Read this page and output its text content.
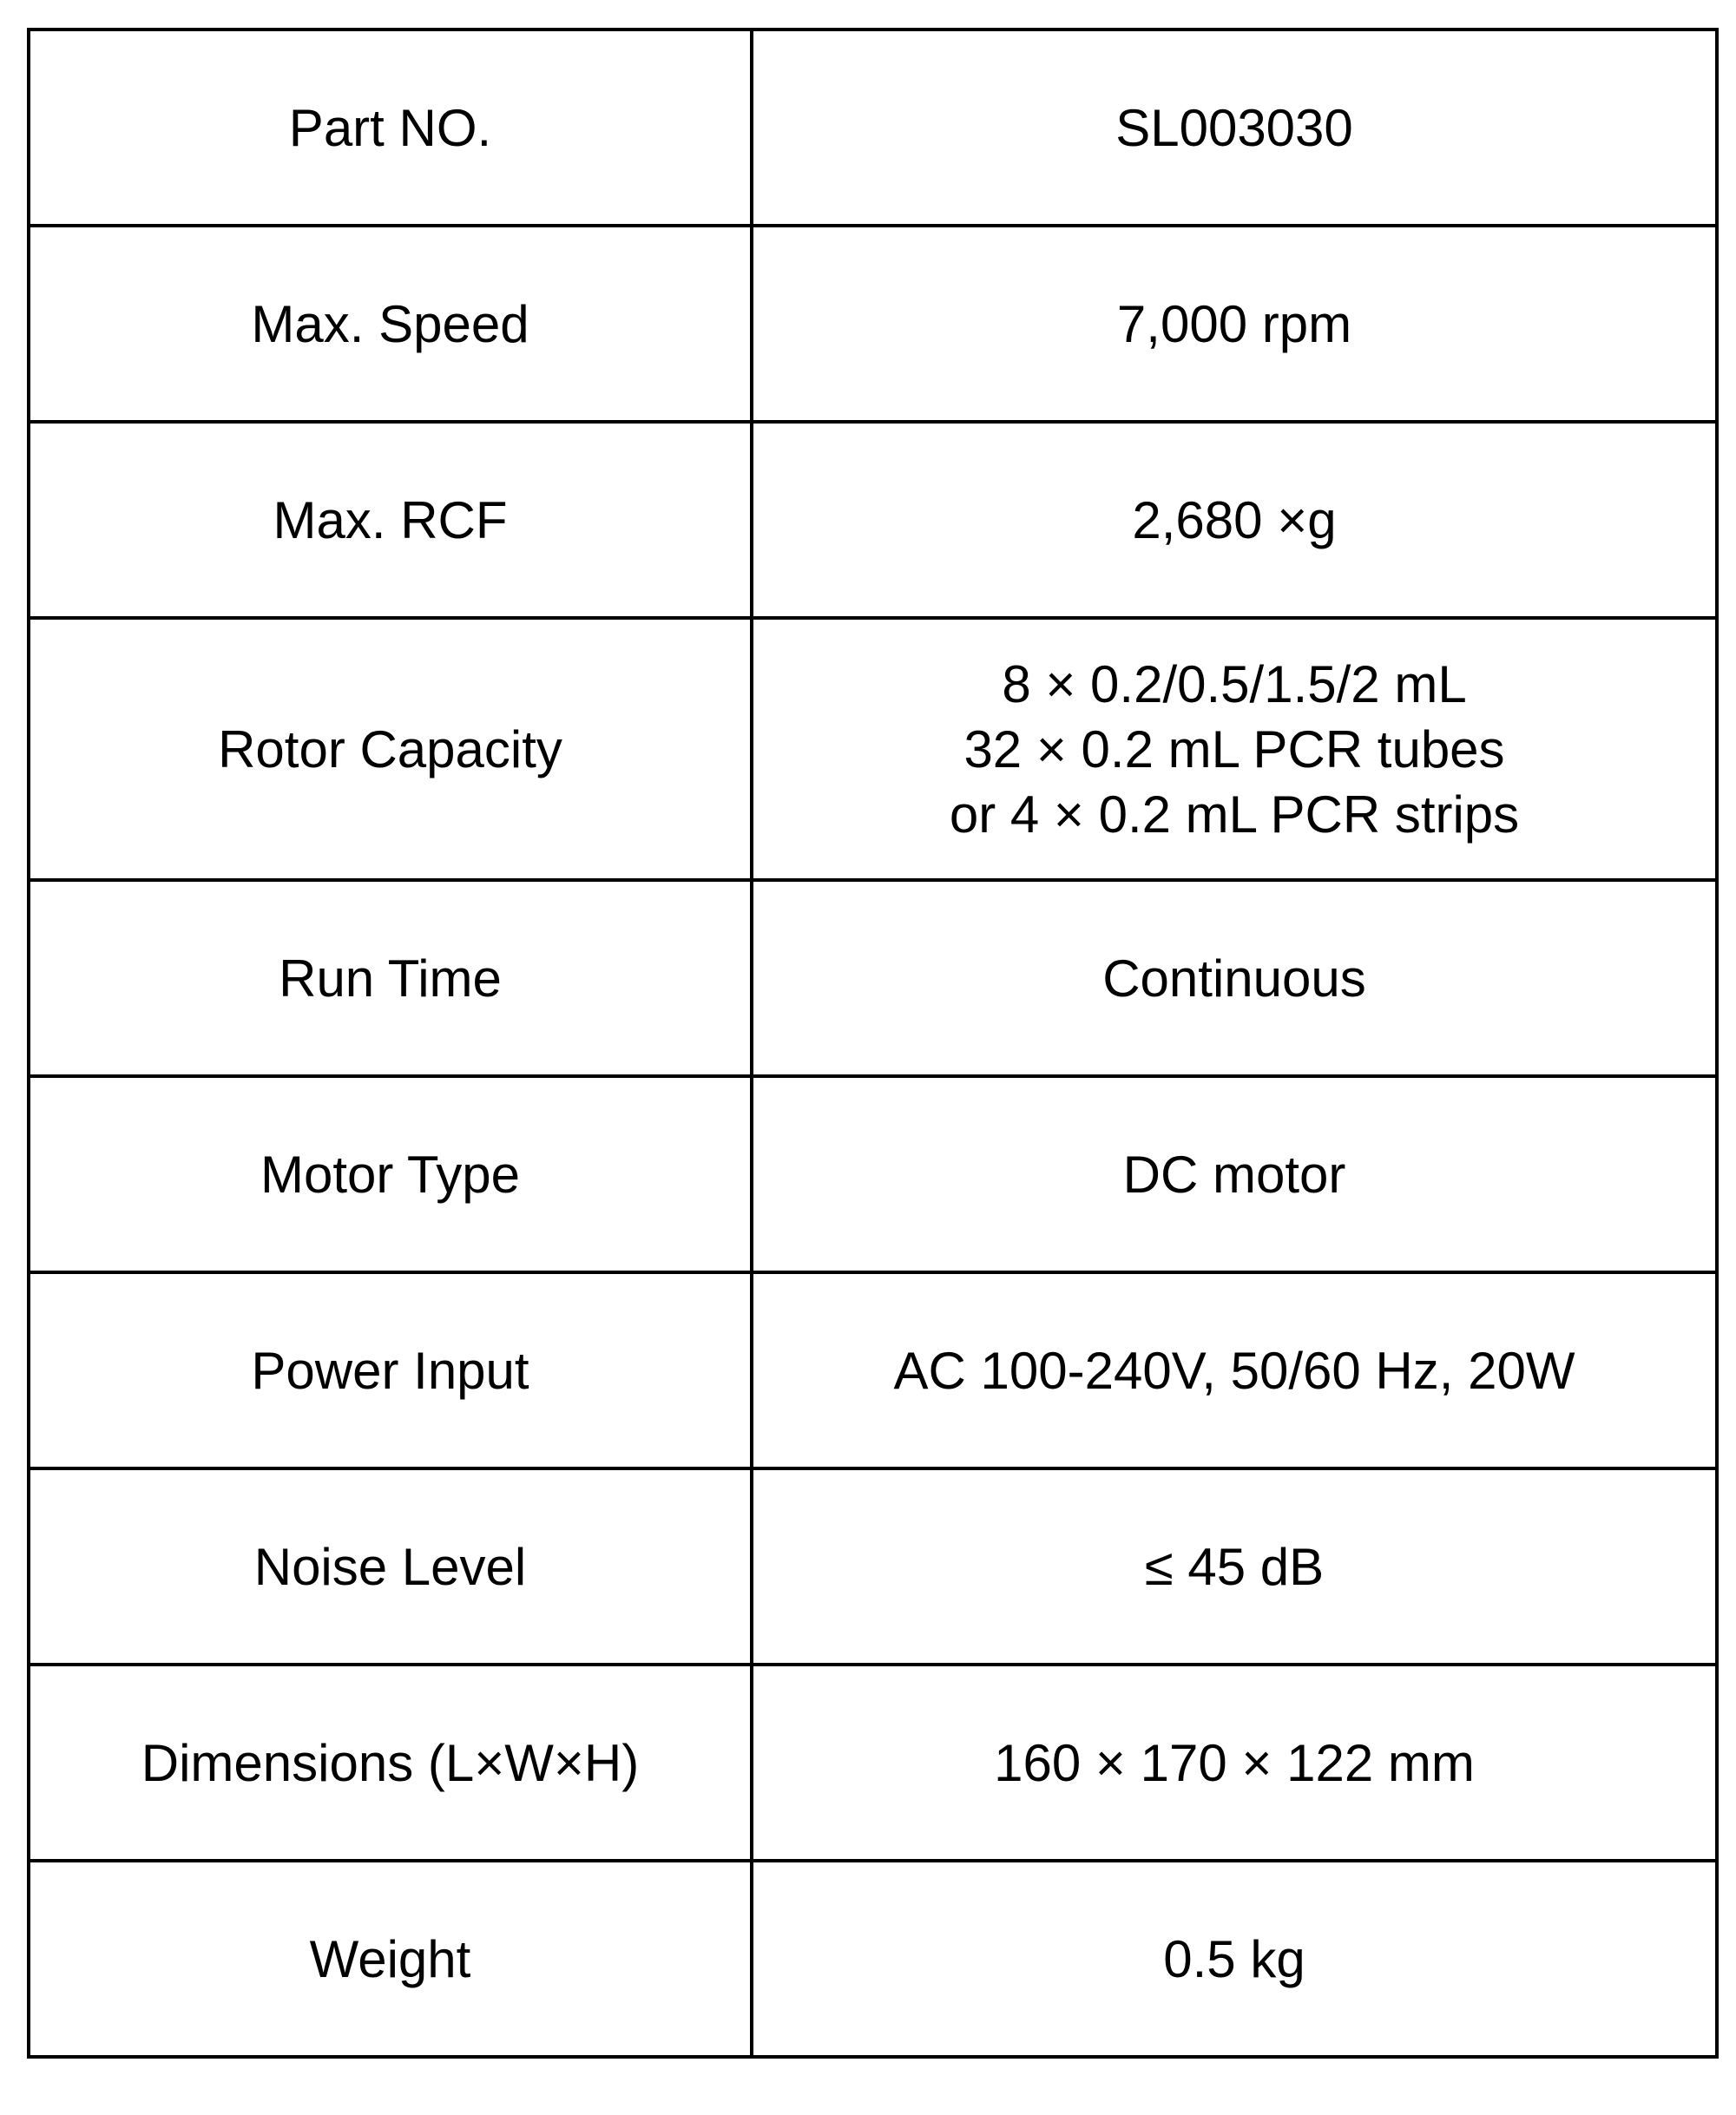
Part NO.	SL003030

Max. Speed	7,000 rpm

Max. RCF	2,680 ×g

Rotor Capacity	8 × 0.2/0.5/1.5/2 mL
32 × 0.2 mL PCR tubes
or 4 × 0.2 mL PCR strips

Run Time	Continuous

Motor Type	DC motor

Power Input	AC 100-240V, 50/60 Hz, 20W

Noise Level	≤ 45 dB

Dimensions (L×W×H)	160 × 170 × 122 mm

Weight	0.5 kg
